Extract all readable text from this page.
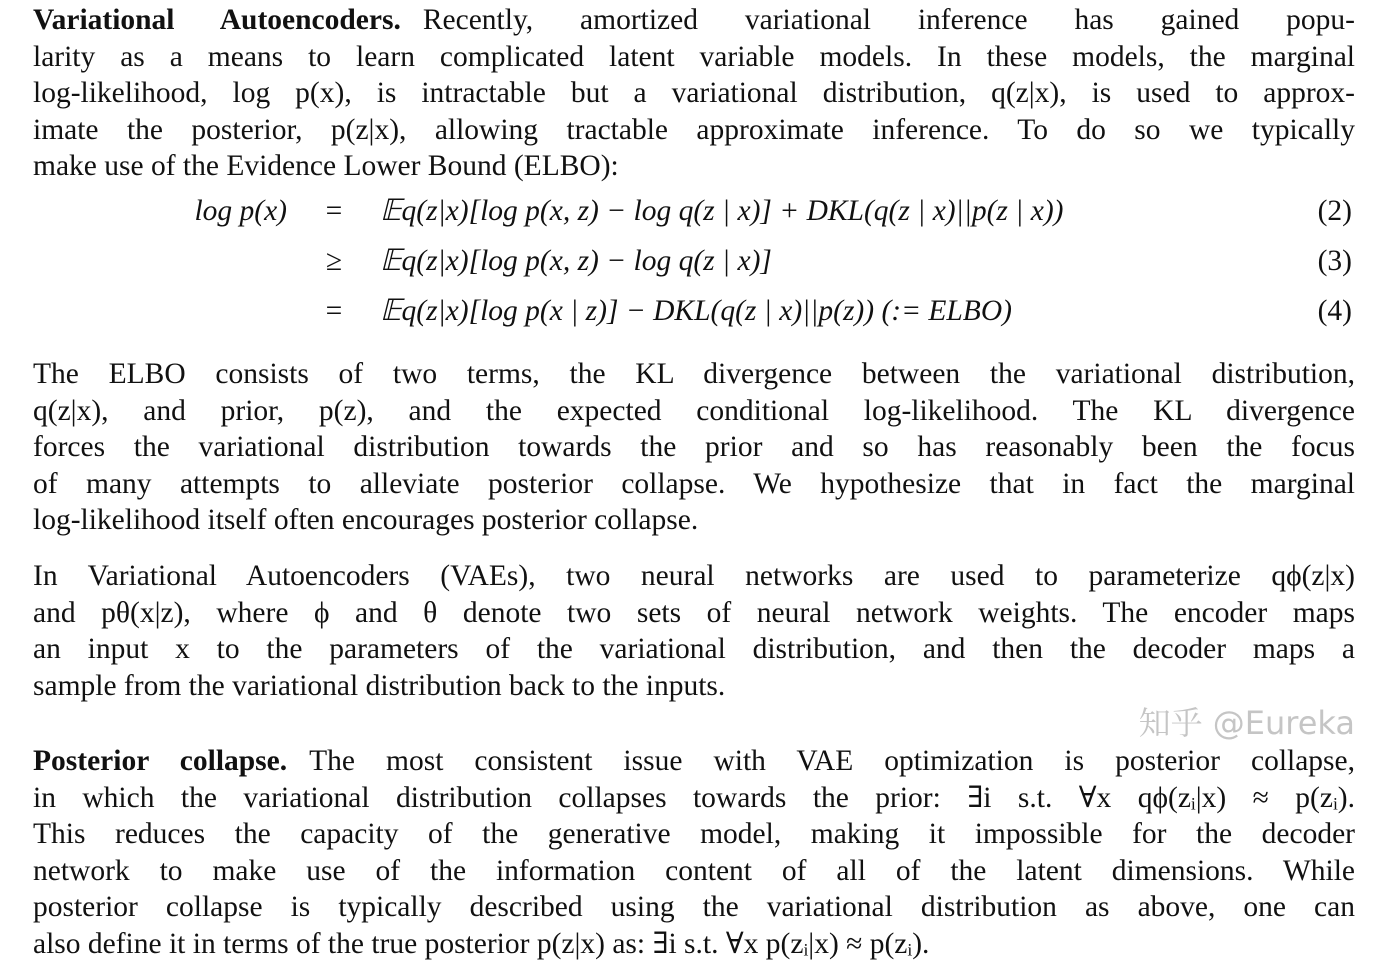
Variational Autoencoders. Recently, amortized variational inference has gained popu-
larity as a means to learn complicated latent variable models. In these models, the marginal
log-likelihood, log p(x), is intractable but a variational distribution, q(z|x), is used to approx-
imate the posterior, p(z|x), allowing tractable approximate inference. To do so we typically
make use of the Evidence Lower Bound (ELBO):
log p(x) = 𝔼q(z|x)[log p(x, z) − log q(z | x)] + DKL(q(z | x)||p(z | x))	(2)
≥ 𝔼q(z|x)[log p(x, z) − log q(z | x)]	(3)
= 𝔼q(z|x)[log p(x | z)] − DKL(q(z | x)||p(z)) (:= ELBO)	(4)
The ELBO consists of two terms, the KL divergence between the variational distribution,
q(z|x), and prior, p(z), and the expected conditional log-likelihood. The KL divergence
forces the variational distribution towards the prior and so has reasonably been the focus
of many attempts to alleviate posterior collapse. We hypothesize that in fact the marginal
log-likelihood itself often encourages posterior collapse.
In Variational Autoencoders (VAEs), two neural networks are used to parameterize qϕ(z|x)
and pθ(x|z), where ϕ and θ denote two sets of neural network weights. The encoder maps
an input x to the parameters of the variational distribution, and then the decoder maps a
sample from the variational distribution back to the inputs.
Posterior collapse. The most consistent issue with VAE optimization is posterior collapse,
in which the variational distribution collapses towards the prior: ∃i s.t. ∀x qϕ(zᵢ|x) ≈ p(zᵢ).
This reduces the capacity of the generative model, making it impossible for the decoder
network to make use of the information content of all of the latent dimensions. While
posterior collapse is typically described using the variational distribution as above, one can
also define it in terms of the true posterior p(z|x) as: ∃i s.t. ∀x p(zᵢ|x) ≈ p(zᵢ).
知乎 @Eureka
